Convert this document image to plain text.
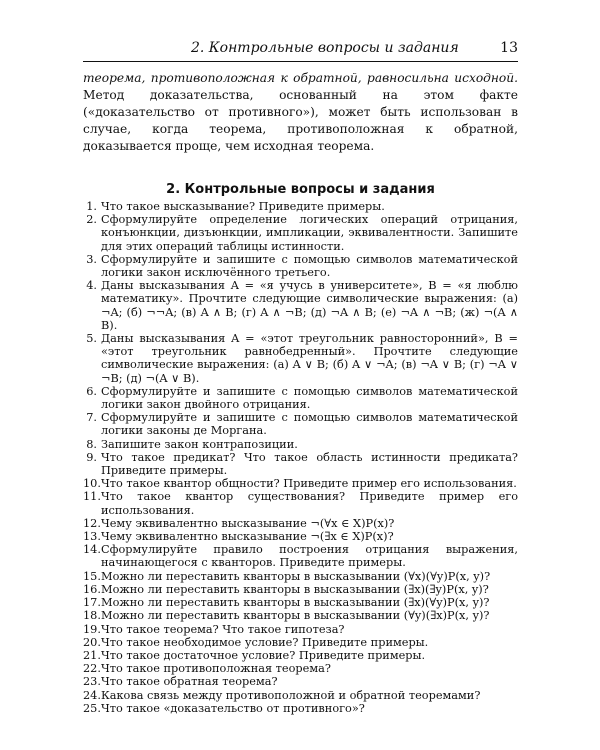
2. Контрольные вопросы и задания	13
теорема, противоположная к обратной, равносильна исходной. Метод доказательства, основанный на этом факте («доказательство от противного»), может быть использован в случае, когда теорема, противоположная к обратной, доказывается проще, чем исходная теорема.
2. Контрольные вопросы и задания
1. Что такое высказывание? Приведите примеры.
2. Сформулируйте определение логических операций отрицания, конъюнкции, дизъюнкции, импликации, эквивалентности. Запишите для этих операций таблицы истинности.
3. Сформулируйте и запишите с помощью символов математической логики закон исключённого третьего.
4. Даны высказывания A = «я учусь в университете», B = «я люблю математику». Прочтите следующие символические выражения: (а) ¬A; (б) ¬¬A; (в) A ∧ B; (г) A ∧ ¬B; (д) ¬A ∧ B; (е) ¬A ∧ ¬B; (ж) ¬(A ∧ B).
5. Даны высказывания A = «этот треугольник равносторонний», B = «этот треугольник равнобедренный». Прочтите следующие символические выражения: (а) A ∨ B; (б) A ∨ ¬A; (в) ¬A ∨ B; (г) ¬A ∨ ¬B; (д) ¬(A ∨ B).
6. Сформулируйте и запишите с помощью символов математической логики закон двойного отрицания.
7. Сформулируйте и запишите с помощью символов математической логики законы де Моргана.
8. Запишите закон контрапозиции.
9. Что такое предикат? Что такое область истинности предиката? Приведите примеры.
10. Что такое квантор общности? Приведите пример его использования.
11. Что такое квантор существования? Приведите пример его использования.
12. Чему эквивалентно высказывание ¬(∀x ∈ X)P(x)?
13. Чему эквивалентно высказывание ¬(∃x ∈ X)P(x)?
14. Сформулируйте правило построения отрицания выражения, начинающегося с кванторов. Приведите примеры.
15. Можно ли переставить кванторы в высказывании (∀x)(∀y)P(x, y)?
16. Можно ли переставить кванторы в высказывании (∃x)(∃y)P(x, y)?
17. Можно ли переставить кванторы в высказывании (∃x)(∀y)P(x, y)?
18. Можно ли переставить кванторы в высказывании (∀y)(∃x)P(x, y)?
19. Что такое теорема? Что такое гипотеза?
20. Что такое необходимое условие? Приведите примеры.
21. Что такое достаточное условие? Приведите примеры.
22. Что такое противоположная теорема?
23. Что такое обратная теорема?
24. Какова связь между противоположной и обратной теоремами?
25. Что такое «доказательство от противного»?
